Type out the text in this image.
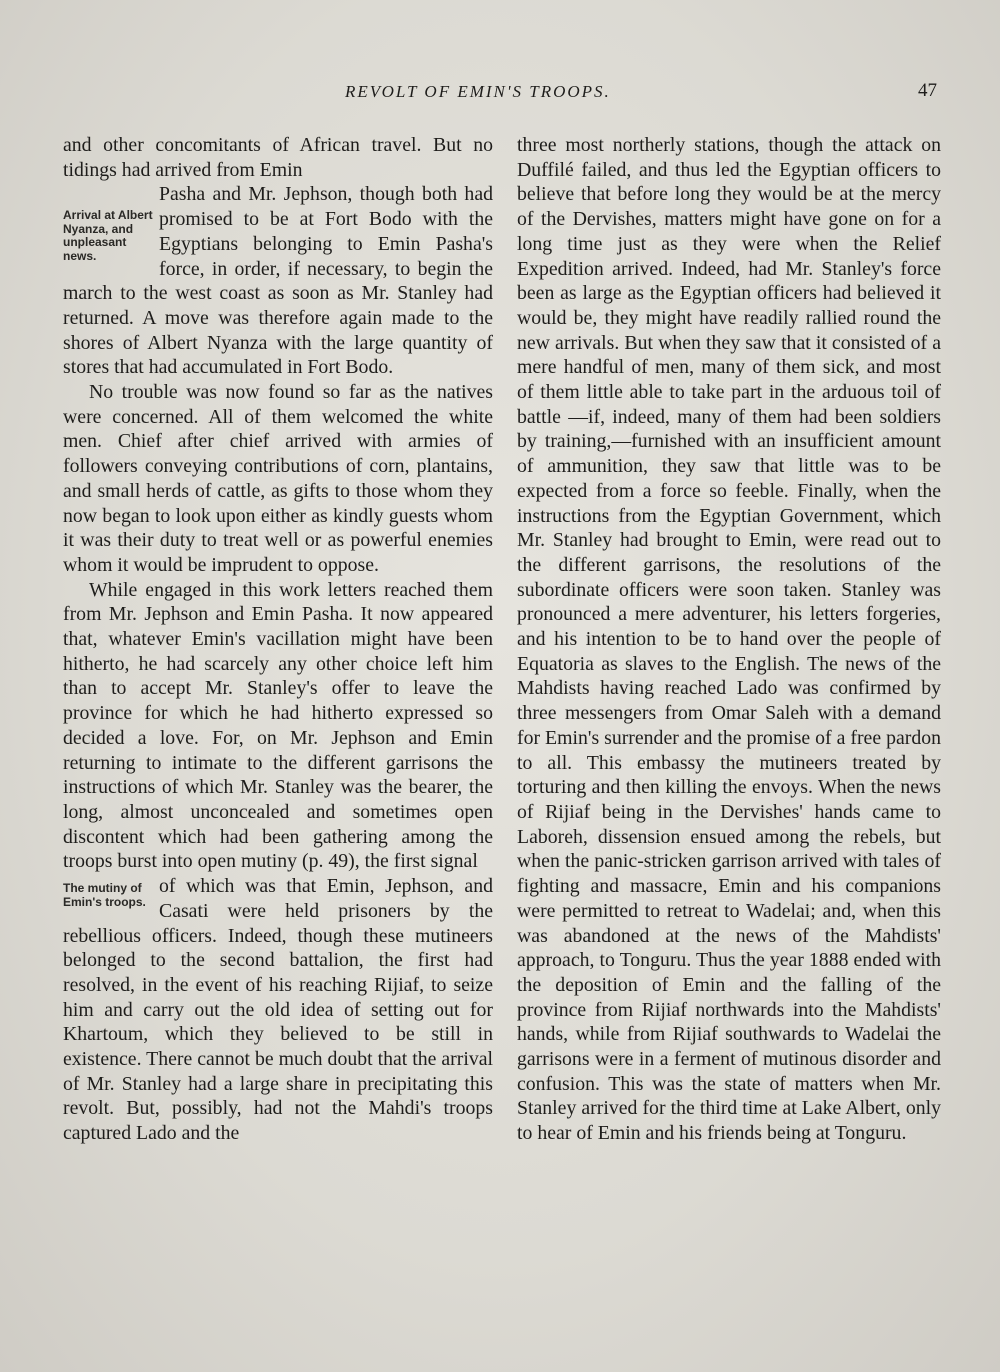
REVOLT OF EMIN'S TROOPS.	47

and other concomitants of African travel. But no tidings had arrived from Emin

Arrival at Albert Nyanza, and unpleasant news.

Pasha and Mr. Jephson, though both had promised to be at Fort Bodo with the Egyptians belonging to Emin Pasha's force, in order, if necessary, to begin the march to the west coast as soon as Mr. Stanley had returned. A move was therefore again made to the shores of Albert Nyanza with the large quantity of stores that had accumulated in Fort Bodo.

No trouble was now found so far as the natives were concerned. All of them welcomed the white men. Chief after chief arrived with armies of followers conveying contributions of corn, plantains, and small herds of cattle, as gifts to those whom they now began to look upon either as kindly guests whom it was their duty to treat well or as powerful enemies whom it would be imprudent to oppose.

While engaged in this work letters reached them from Mr. Jephson and Emin Pasha. It now appeared that, whatever Emin's vacillation might have been hitherto, he had scarcely any other choice left him than to accept Mr. Stanley's offer to leave the province for which he had hitherto expressed so decided a love. For, on Mr. Jephson and Emin returning to intimate to the different garrisons the instructions of which Mr. Stanley was the bearer, the long, almost unconcealed and sometimes open discontent which had been gathering among the troops burst into open mutiny (p. 49), the first signal

The mutiny of Emin's troops.

of which was that Emin, Jephson, and Casati were held prisoners by the rebellious officers. Indeed, though these mutineers belonged to the second battalion, the first had resolved, in the event of his reaching Rijiaf, to seize him and carry out the old idea of setting out for Khartoum, which they believed to be still in existence. There cannot be much doubt that the arrival of Mr. Stanley had a large share in precipitating this revolt. But, possibly, had not the Mahdi's troops captured Lado and the

three most northerly stations, though the attack on Duffilé failed, and thus led the Egyptian officers to believe that before long they would be at the mercy of the Dervishes, matters might have gone on for a long time just as they were when the Relief Expedition arrived. Indeed, had Mr. Stanley's force been as large as the Egyptian officers had believed it would be, they might have readily rallied round the new arrivals. But when they saw that it consisted of a mere handful of men, many of them sick, and most of them little able to take part in the arduous toil of battle —if, indeed, many of them had been soldiers by training,—furnished with an insufficient amount of ammunition, they saw that little was to be expected from a force so feeble. Finally, when the instructions from the Egyptian Government, which Mr. Stanley had brought to Emin, were read out to the different garrisons, the resolutions of the subordinate officers were soon taken. Stanley was pronounced a mere adventurer, his letters forgeries, and his intention to be to hand over the people of Equatoria as slaves to the English. The news of the Mahdists having reached Lado was confirmed by three messengers from Omar Saleh with a demand for Emin's surrender and the promise of a free pardon to all. This embassy the mutineers treated by torturing and then killing the envoys. When the news of Rijiaf being in the Dervishes' hands came to Laboreh, dissension ensued among the rebels, but when the panic-stricken garrison arrived with tales of fighting and massacre, Emin and his companions were permitted to retreat to Wadelai; and, when this was abandoned at the news of the Mahdists' approach, to Tonguru. Thus the year 1888 ended with the deposition of Emin and the falling of the province from Rijiaf northwards into the Mahdists' hands, while from Rijiaf southwards to Wadelai the garrisons were in a ferment of mutinous disorder and confusion. This was the state of matters when Mr. Stanley arrived for the third time at Lake Albert, only to hear of Emin and his friends being at Tonguru.
